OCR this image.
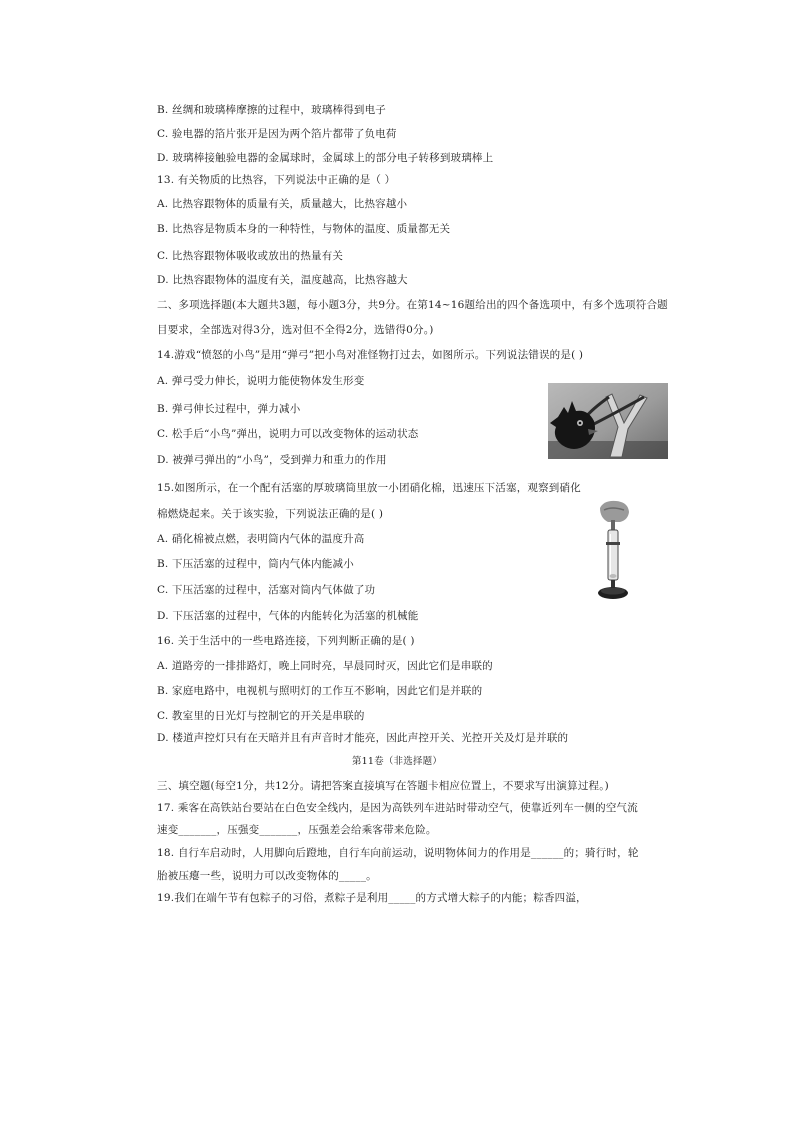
B. 丝绸和玻璃棒摩擦的过程中，玻璃棒得到电子
C. 验电器的箔片张开是因为两个箔片都带了负电荷
D. 玻璃棒接触验电器的金属球时，金属球上的部分电子转移到玻璃棒上
13. 有关物质的比热容，下列说法中正确的是（ ）
A. 比热容跟物体的质量有关，质量越大，比热容越小
B. 比热容是物质本身的一种特性，与物体的温度、质量都无关
C. 比热容跟物体吸收或放出的热量有关
D. 比热容跟物体的温度有关，温度越高，比热容越大
二、多项选择题(本大题共3题，每小题3分，共9分。在第14~16题给出的四个备选项中，有多个选项符合题
目要求，全部选对得3分，选对但不全得2分，选错得0分。)
14.游戏“愤怒的小鸟”是用“弹弓”把小鸟对准怪物打过去，如图所示。下列说法错误的是( )
A. 弹弓受力伸长，说明力能使物体发生形变
B. 弹弓伸长过程中，弹力减小
C. 松手后“小鸟”弹出，说明力可以改变物体的运动状态
D. 被弹弓弹出的“小鸟”，受到弹力和重力的作用
15.如图所示，在一个配有活塞的厚玻璃筒里放一小团硝化棉，迅速压下活塞，观察到硝化
棉燃烧起来。关于该实验，下列说法正确的是( )
A. 硝化棉被点燃，表明筒内气体的温度升高
B. 下压活塞的过程中，筒内气体内能减小
C. 下压活塞的过程中，活塞对筒内气体做了功
D. 下压活塞的过程中，气体的内能转化为活塞的机械能
16. 关于生活中的一些电路连接，下列判断正确的是( )
A. 道路旁的一排排路灯，晚上同时亮，早晨同时灭，因此它们是串联的
B. 家庭电路中，电视机与照明灯的工作互不影响，因此它们是并联的
C. 教室里的日光灯与控制它的开关是串联的
D. 楼道声控灯只有在天暗并且有声音时才能亮，因此声控开关、光控开关及灯是并联的
第11卷（非选择题）
三、填空题(每空1分，共12分。请把答案直接填写在答题卡相应位置上，不要求写出演算过程。)
17. 乘客在高铁站台要站在白色安全线内，是因为高铁列车进站时带动空气，使靠近列车一侧的空气流
速变_______，压强变_______，压强差会给乘客带来危险。
18. 自行车启动时，人用脚向后蹬地，自行车向前运动，说明物体间力的作用是______的；骑行时，轮
胎被压瘪一些，说明力可以改变物体的_____。
19.我们在端午节有包粽子的习俗，煮粽子是利用_____的方式增大粽子的内能；粽香四溢，
